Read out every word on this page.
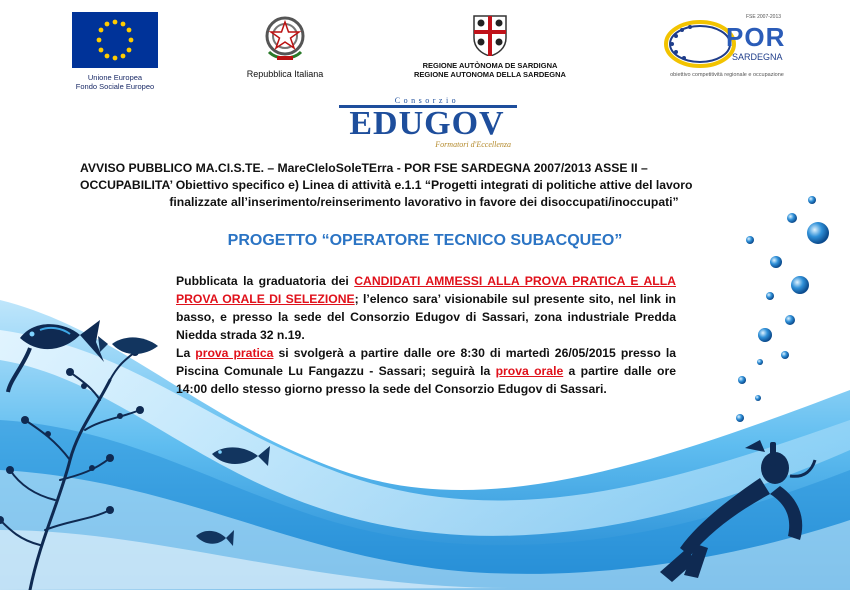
Unione Europea
Fondo Sociale Europeo
Repubblica Italiana
REGIONE AUTÒNOMA DE SARDIGNA
REGIONE AUTONOMA DELLA SARDEGNA
FSE 2007-2013
POR
SARDEGNA
obiettivo competitività regionale e occupazione
Consorzio
EDUGOV
Formatori d'Eccellenza
AVVISO PUBBLICO MA.CI.S.TE. – MareCIeloSoleTErra - POR FSE SARDEGNA 2007/2013 ASSE II –
OCCUPABILITA’ Obiettivo specifico e) Linea di attività e.1.1 “Progetti integrati di politiche attive del lavoro
finalizzate all’inserimento/reinserimento lavorativo in favore dei disoccupati/inoccupati”
PROGETTO “OPERATORE TECNICO SUBACQUEO”
Pubblicata la graduatoria dei CANDIDATI AMMESSI ALLA PROVA PRATICA E ALLA PROVA ORALE DI SELEZIONE; l’elenco sara’ visionabile sul presente sito, nel link in basso, e presso la sede del Consorzio Edugov di Sassari, zona industriale Predda Niedda strada 32 n.19.
La prova pratica si svolgerà a partire dalle ore 8:30 di martedì 26/05/2015 presso la Piscina Comunale Lu Fangazzu - Sassari; seguirà la prova orale a partire dalle ore 14:00 dello stesso giorno presso la sede del Consorzio Edugov di Sassari.
